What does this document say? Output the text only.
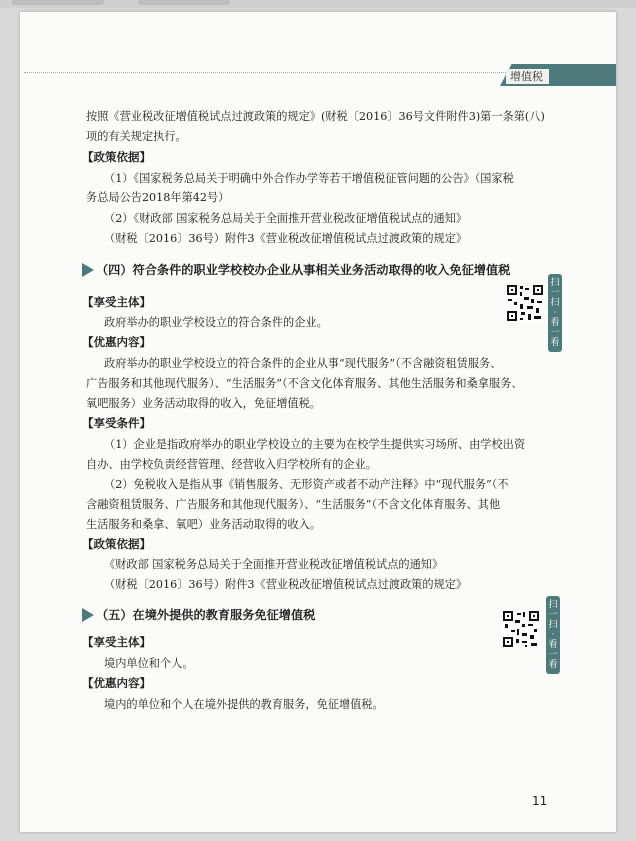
增值税
按照《营业税改征增值税试点过渡政策的规定》(财税〔2016〕36号文件附件3)第一条第(八)
项的有关规定执行。
【政策依据】
（1）《国家税务总局关于明确中外合作办学等若干增值税征管问题的公告》（国家税
务总局公告2018年第42号）
（2）《财政部 国家税务总局关于全面推开营业税改征增值税试点的通知》
（财税〔2016〕36号）附件3《营业税改征增值税试点过渡政策的规定》
（四）符合条件的职业学校校办企业从事相关业务活动取得的收入免征增值税
扫
一
扫
·
看
一
看
【享受主体】
政府举办的职业学校设立的符合条件的企业。
【优惠内容】
政府举办的职业学校设立的符合条件的企业从事“现代服务”（不含融资租赁服务、
广告服务和其他现代服务）、“生活服务”（不含文化体育服务、其他生活服务和桑拿服务、
氧吧服务）业务活动取得的收入，免征增值税。
【享受条件】
（1）企业是指政府举办的职业学校设立的主要为在校学生提供实习场所、由学校出资
自办、由学校负责经营管理、经营收入归学校所有的企业。
（2）免税收入是指从事《销售服务、无形资产或者不动产注释》中“现代服务”（不
含融资租赁服务、广告服务和其他现代服务）、“生活服务”（不含文化体育服务、其他
生活服务和桑拿、氧吧）业务活动取得的收入。
【政策依据】
《财政部 国家税务总局关于全面推开营业税改征增值税试点的通知》
（财税〔2016〕36号）附件3《营业税改征增值税试点过渡政策的规定》
（五）在境外提供的教育服务免征增值税
扫
一
扫
·
看
一
看
【享受主体】
境内单位和个人。
【优惠内容】
境内的单位和个人在境外提供的教育服务，免征增值税。
11
